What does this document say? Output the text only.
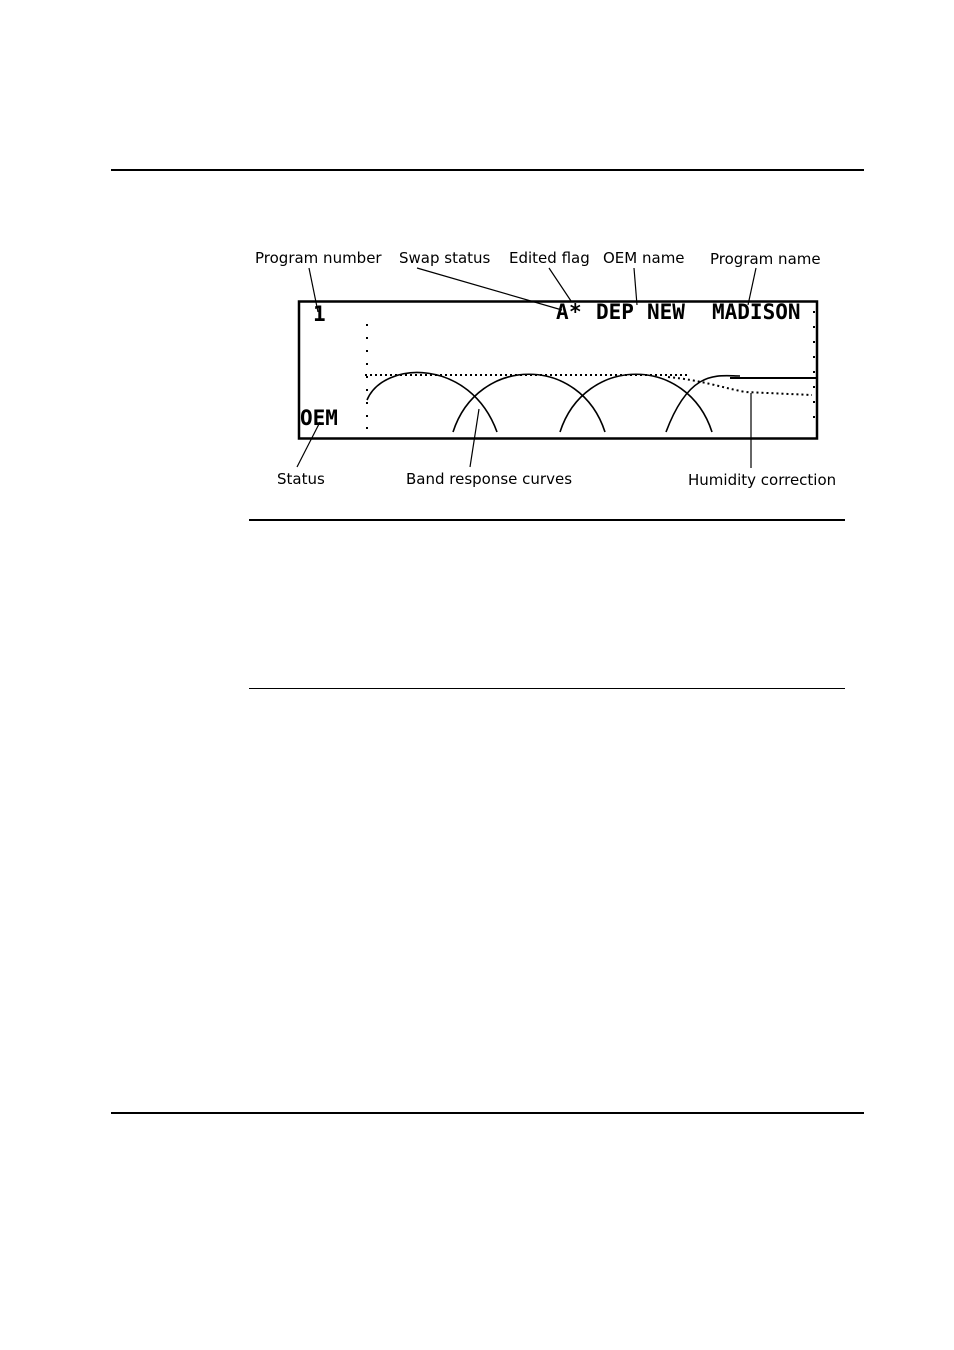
Program number Swap status Edited flag OEM name Program name
Status	Band response curves	Humidity correction
1	A * DEP NEW MADISON
OEM
